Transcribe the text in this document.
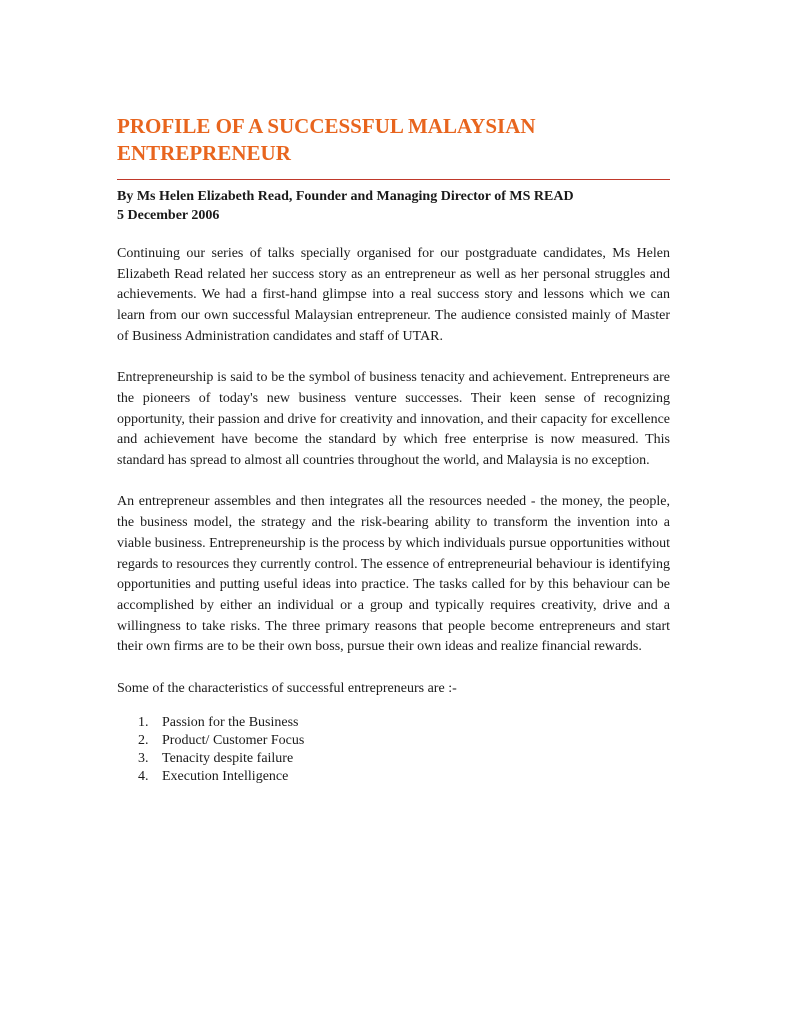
PROFILE OF A SUCCESSFUL MALAYSIAN ENTREPRENEUR
By Ms Helen Elizabeth Read, Founder and Managing Director of MS READ
5 December 2006

Continuing our series of talks specially organised for our postgraduate candidates, Ms Helen Elizabeth Read related her success story as an entrepreneur as well as her personal struggles and achievements. We had a first-hand glimpse into a real success story and lessons which we can learn from our own successful Malaysian entrepreneur. The audience consisted mainly of Master of Business Administration candidates and staff of UTAR.

Entrepreneurship is said to be the symbol of business tenacity and achievement. Entrepreneurs are the pioneers of today's new business venture successes. Their keen sense of recognizing opportunity, their passion and drive for creativity and innovation, and their capacity for excellence and achievement have become the standard by which free enterprise is now measured. This standard has spread to almost all countries throughout the world, and Malaysia is no exception.

An entrepreneur assembles and then integrates all the resources needed - the money, the people, the business model, the strategy and the risk-bearing ability to transform the invention into a viable business. Entrepreneurship is the process by which individuals pursue opportunities without regards to resources they currently control. The essence of entrepreneurial behaviour is identifying opportunities and putting useful ideas into practice. The tasks called for by this behaviour can be accomplished by either an individual or a group and typically requires creativity, drive and a willingness to take risks. The three primary reasons that people become entrepreneurs and start their own firms are to be their own boss, pursue their own ideas and realize financial rewards.

Some of the characteristics of successful entrepreneurs are :-

1. Passion for the Business
2. Product/ Customer Focus
3. Tenacity despite failure
4. Execution Intelligence
